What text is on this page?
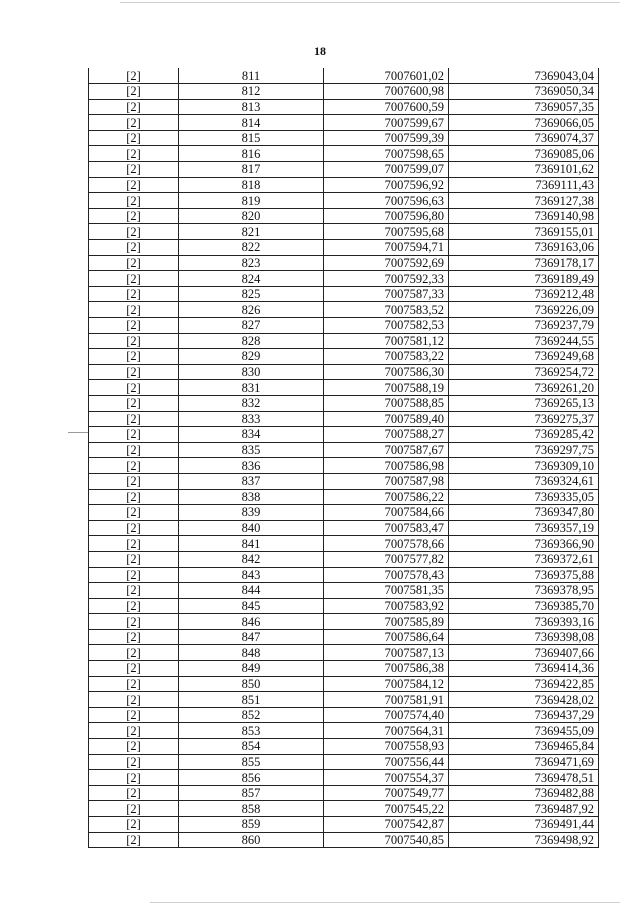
18
[2]	811	7007601,02	7369043,04
[2]	812	7007600,98	7369050,34
[2]	813	7007600,59	7369057,35
[2]	814	7007599,67	7369066,05
[2]	815	7007599,39	7369074,37
[2]	816	7007598,65	7369085,06
[2]	817	7007599,07	7369101,62
[2]	818	7007596,92	7369111,43
[2]	819	7007596,63	7369127,38
[2]	820	7007596,80	7369140,98
[2]	821	7007595,68	7369155,01
[2]	822	7007594,71	7369163,06
[2]	823	7007592,69	7369178,17
[2]	824	7007592,33	7369189,49
[2]	825	7007587,33	7369212,48
[2]	826	7007583,52	7369226,09
[2]	827	7007582,53	7369237,79
[2]	828	7007581,12	7369244,55
[2]	829	7007583,22	7369249,68
[2]	830	7007586,30	7369254,72
[2]	831	7007588,19	7369261,20
[2]	832	7007588,85	7369265,13
[2]	833	7007589,40	7369275,37
[2]	834	7007588,27	7369285,42
[2]	835	7007587,67	7369297,75
[2]	836	7007586,98	7369309,10
[2]	837	7007587,98	7369324,61
[2]	838	7007586,22	7369335,05
[2]	839	7007584,66	7369347,80
[2]	840	7007583,47	7369357,19
[2]	841	7007578,66	7369366,90
[2]	842	7007577,82	7369372,61
[2]	843	7007578,43	7369375,88
[2]	844	7007581,35	7369378,95
[2]	845	7007583,92	7369385,70
[2]	846	7007585,89	7369393,16
[2]	847	7007586,64	7369398,08
[2]	848	7007587,13	7369407,66
[2]	849	7007586,38	7369414,36
[2]	850	7007584,12	7369422,85
[2]	851	7007581,91	7369428,02
[2]	852	7007574,40	7369437,29
[2]	853	7007564,31	7369455,09
[2]	854	7007558,93	7369465,84
[2]	855	7007556,44	7369471,69
[2]	856	7007554,37	7369478,51
[2]	857	7007549,77	7369482,88
[2]	858	7007545,22	7369487,92
[2]	859	7007542,87	7369491,44
[2]	860	7007540,85	7369498,92
